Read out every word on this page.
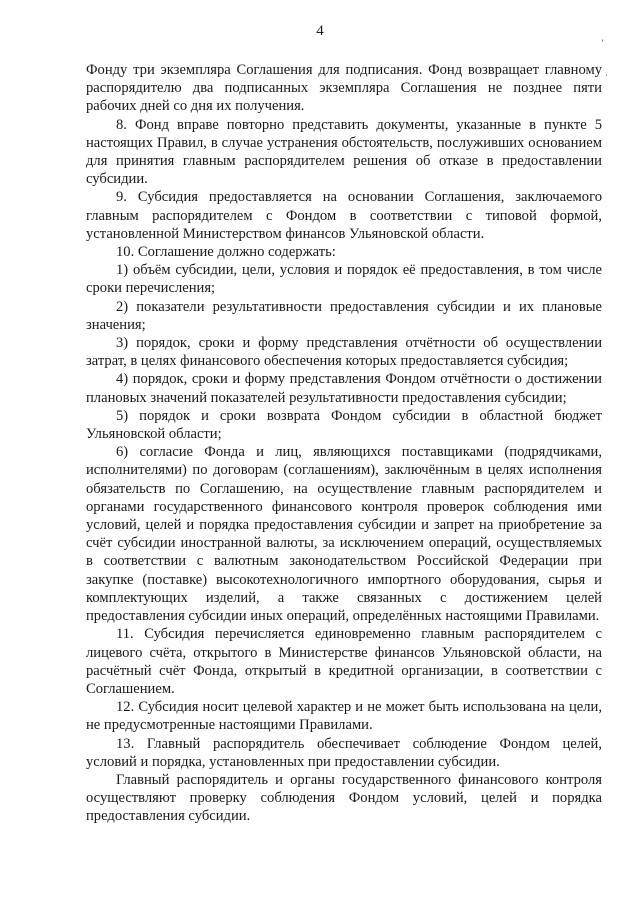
4
ʼ
·

Фонду три экземпляра Соглашения для подписания. Фонд возвращает главному распорядителю два подписанных экземпляра Соглашения не позднее пяти рабочих дней со дня их получения.

8. Фонд вправе повторно представить документы, указанные в пункте 5 настоящих Правил, в случае устранения обстоятельств, послуживших основанием для принятия главным распорядителем решения об отказе в предоставлении субсидии.

9. Субсидия предоставляется на основании Соглашения, заключаемого главным распорядителем с Фондом в соответствии с типовой формой, установленной Министерством финансов Ульяновской области.

10. Соглашение должно содержать:

1) объём субсидии, цели, условия и порядок её предоставления, в том числе сроки перечисления;

2) показатели результативности предоставления субсидии и их плановые значения;

3) порядок, сроки и форму представления отчётности об осуществлении затрат, в целях финансового обеспечения которых предоставляется субсидия;

4) порядок, сроки и форму представления Фондом отчётности о достижении плановых значений показателей результативности предоставления субсидии;

5) порядок и сроки возврата Фондом субсидии в областной бюджет Ульяновской области;

6) согласие Фонда и лиц, являющихся поставщиками (подрядчиками, исполнителями) по договорам (соглашениям), заключённым в целях исполнения обязательств по Соглашению, на осуществление главным распорядителем и органами государственного финансового контроля проверок соблюдения ими условий, целей и порядка предоставления субсидии и запрет на приобретение за счёт субсидии иностранной валюты, за исключением операций, осуществляемых в соответствии с валютным законодательством Российской Федерации при закупке (поставке) высокотехнологичного импортного оборудования, сырья и комплектующих изделий, а также связанных с достижением целей предоставления субсидии иных операций, определённых настоящими Правилами.

11. Субсидия перечисляется единовременно главным распорядителем с лицевого счёта, открытого в Министерстве финансов Ульяновской области, на расчётный счёт Фонда, открытый в кредитной организации, в соответствии с Соглашением.

12. Субсидия носит целевой характер и не может быть использована на цели, не предусмотренные настоящими Правилами.

13. Главный распорядитель обеспечивает соблюдение Фондом целей, условий и порядка, установленных при предоставлении субсидии.

Главный распорядитель и органы государственного финансового контроля осуществляют проверку соблюдения Фондом условий, целей и порядка предоставления субсидии.
